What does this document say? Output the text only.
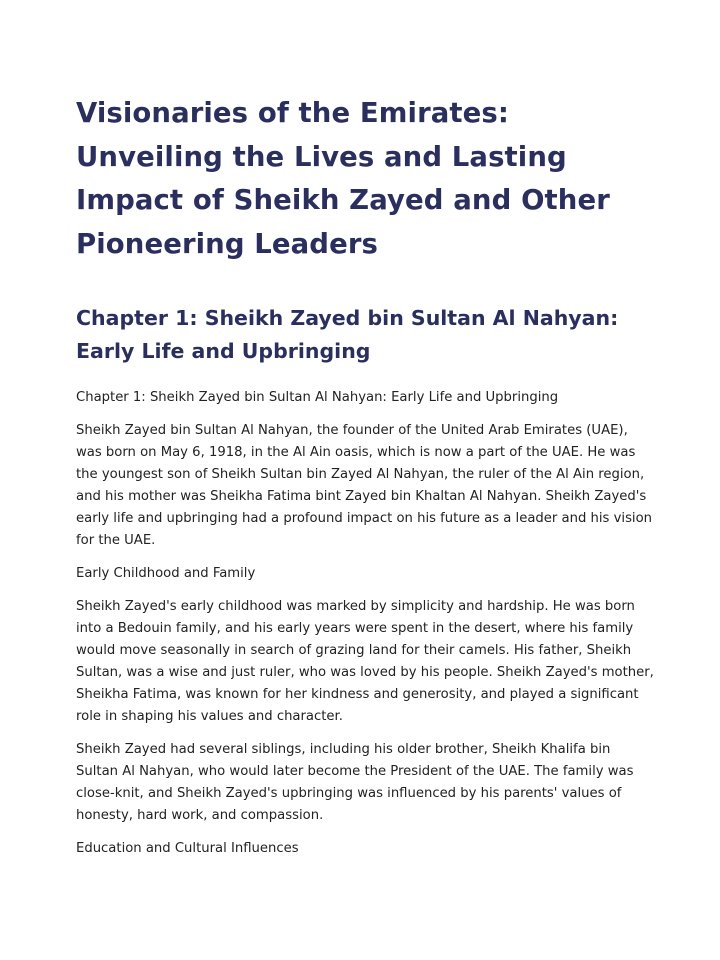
Visionaries of the Emirates: Unveiling the Lives and Lasting Impact of Sheikh Zayed and Other Pioneering Leaders
Chapter 1: Sheikh Zayed bin Sultan Al Nahyan: Early Life and Upbringing

Chapter 1: Sheikh Zayed bin Sultan Al Nahyan: Early Life and Upbringing

Sheikh Zayed bin Sultan Al Nahyan, the founder of the United Arab Emirates (UAE), was born on May 6, 1918, in the Al Ain oasis, which is now a part of the UAE. He was the youngest son of Sheikh Sultan bin Zayed Al Nahyan, the ruler of the Al Ain region, and his mother was Sheikha Fatima bint Zayed bin Khaltan Al Nahyan. Sheikh Zayed's early life and upbringing had a profound impact on his future as a leader and his vision for the UAE.

Early Childhood and Family

Sheikh Zayed's early childhood was marked by simplicity and hardship. He was born into a Bedouin family, and his early years were spent in the desert, where his family would move seasonally in search of grazing land for their camels. His father, Sheikh Sultan, was a wise and just ruler, who was loved by his people. Sheikh Zayed's mother, Sheikha Fatima, was known for her kindness and generosity, and played a significant role in shaping his values and character.

Sheikh Zayed had several siblings, including his older brother, Sheikh Khalifa bin Sultan Al Nahyan, who would later become the President of the UAE. The family was close-knit, and Sheikh Zayed's upbringing was influenced by his parents' values of honesty, hard work, and compassion.

Education and Cultural Influences
